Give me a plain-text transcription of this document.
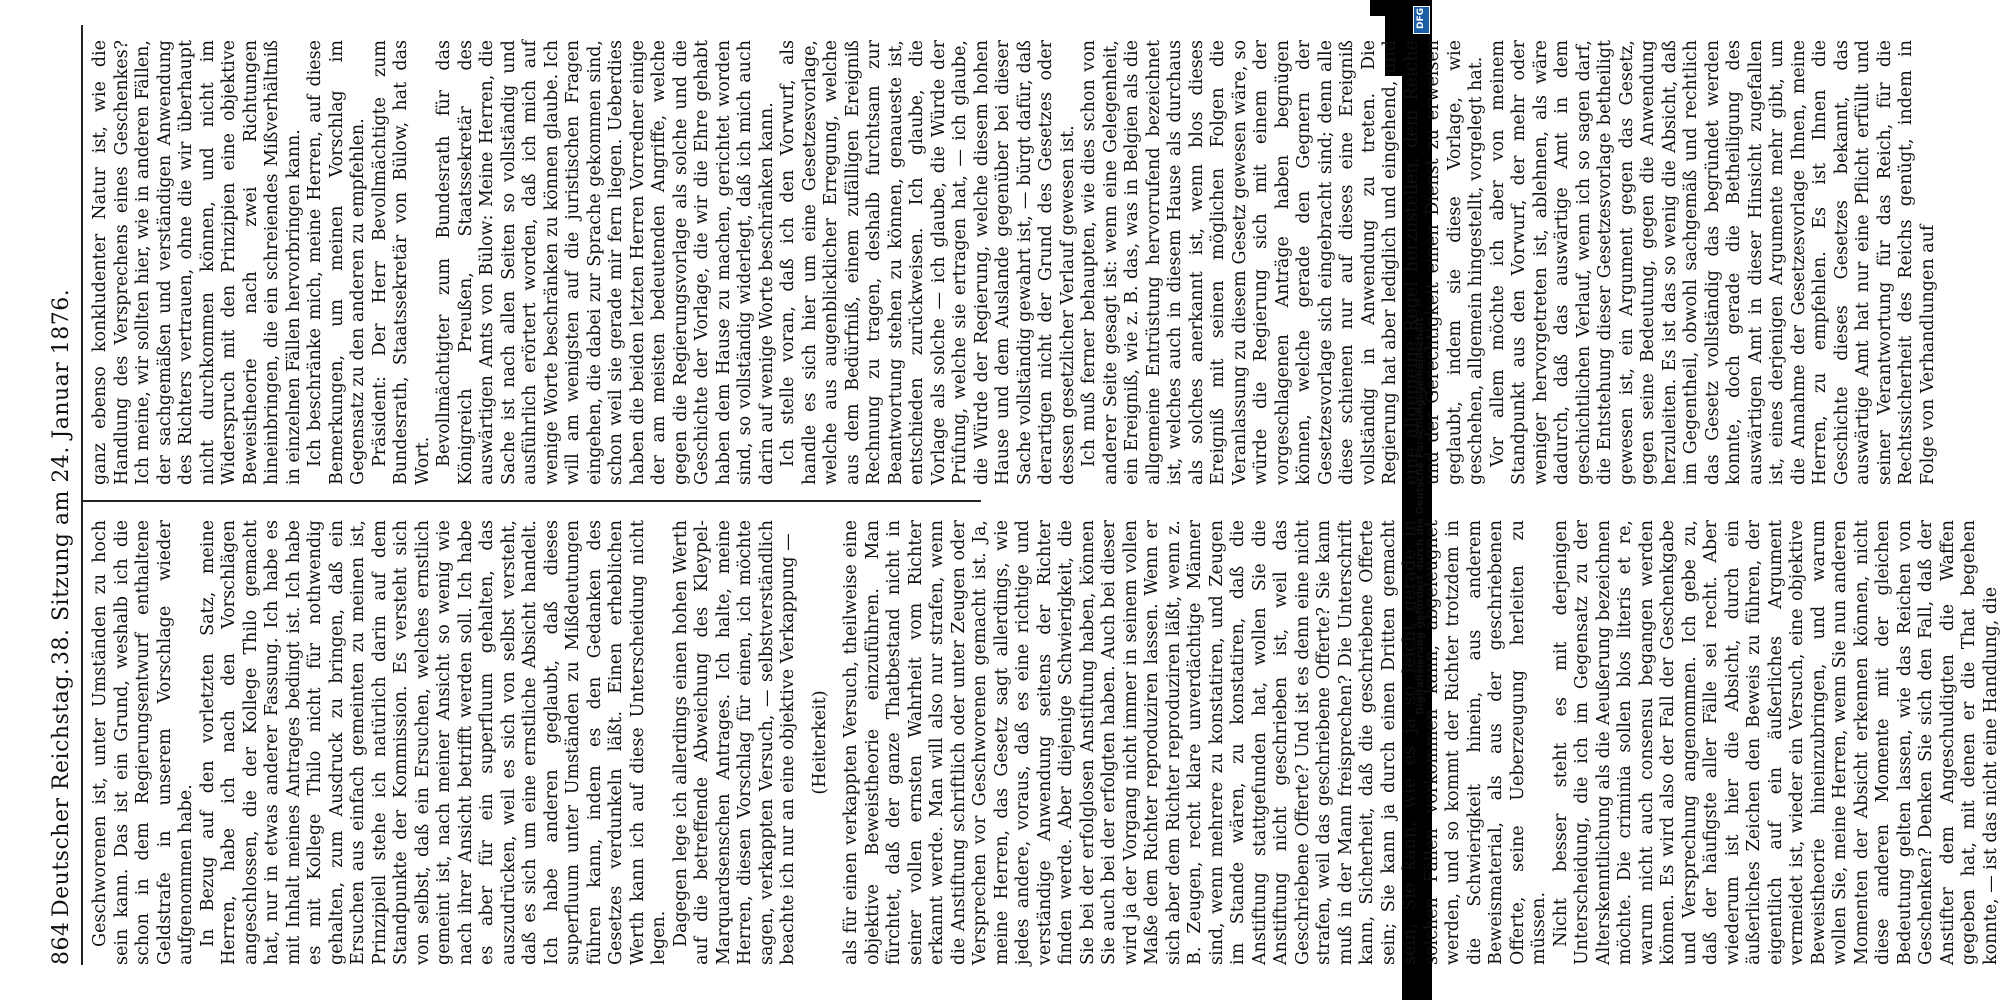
DFG
Digitalisierung gefördert durch die Deutsche Forschungsgemeinschaft
864
Deutscher Reichstag.
38. Sitzung am 24. Januar 1876.

Geschworenen ist, unter Umständen zu hoch sein kann. Das ist ein Grund, weshalb ich die schon in dem Regierungsentwurf enthaltene Geldstrafe in unserem Vorschlage wieder aufgenommen habe. In Bezug auf den vorletzten Satz, meine Herren, habe ich nach den Vorschlägen angeschlossen, die der Kollege Thilo gemacht hat, nur in etwas anderer Fassung. Ich habe es mit Inhalt meines Antrages bedingt ist. Ich habe es mit Kollege Thilo nicht für nothwendig gehalten, zum Ausdruck zu bringen, daß ein Ersuchen aus einfach gemeinten zu meinen ist, Prinzipiell stehe ich natürlich darin auf dem Standpunkte der Kommission. Es versteht sich von selbst, daß ein Ersuchen, welches ernstlich gemeint ist, nach meiner Ansicht so wenig wie nach ihrer Ansicht betrifft werden soll. Ich habe es aber für ein superfluum gehalten, das auszudrücken, weil es sich von selbst versteht, daß es sich um eine ernstliche Absicht handelt. Ich habe anderen geglaubt, daß dieses superfluum unter Umständen zu Mißdeutungen führen kann, indem es den Gedanken des Gesetzes verdunkeln läßt. Einen erheblichen Werth kann ich auf diese Unterscheidung nicht legen. Dagegen lege ich allerdings einen hohen Werth auf die betreffende Abweichung des Kleypel-Marquardsenschen Antrages. Ich halte, meine Herren, diesen Vorschlag für einen, ich möchte sagen, verkappten Versuch, — selbstverständlich beachte ich nur an eine objektive Verkappung — (Heiterkeit) als für einen verkappten Versuch, theilweise eine objektive Beweistheorie einzuführen. Man fürchtet, daß der ganze Thatbestand nicht in seiner vollen ernsten Wahrheit vom Richter erkannt werde. Man will also nur strafen, wenn die Anstiftung schriftlich oder unter Zeugen oder Versprechen vor Geschworenen gemacht ist. Ja, meine Herren, das Gesetz sagt allerdings, wie jedes andere, voraus, daß es eine richtige und verständige Anwendung seitens der Richter finden werde. Aber diejenige Schwierigkeit, die Sie bei der erfolglosen Anstiftung haben, können Sie auch bei der erfolgten haben. Auch bei dieser wird ja der Vorgang nicht immer in seinem vollen Maße dem Richter reproduziren lassen. Wenn er sich aber dem Richter reproduziren läßt, wenn z. B. Zeugen, recht klare unverdächtige Männer sind, wenn mehrere zu konstatiren, und Zeugen im Stande wären, zu konstatiren, daß die Anstiftung stattgefunden hat, wollen Sie die Anstiftung nicht geschrieben ist, weil das Geschriebene Offerte? Und ist es denn eine nicht strafen, weil das geschriebene Offerte? Sie kann muß in der Mann freisprechen? Die Unterschrift kann, Sicherheit, daß die geschriebene Offerte sein; Sie kann ja durch einen Dritten gemacht sein, Sie kann, wie es ja so leicht gerade in solchen Fällen vorkommen kann, abgeleugnet werden, und so kommt der Richter trotzdem in die Schwierigkeit hinein, aus anderem Beweismaterial, als aus der geschriebenen Offerte, seine Ueberzeugung herleiten zu müssen. Nicht besser steht es mit derjenigen Unterscheidung, die ich im Gegensatz zu der Alterskenntlichung als die Aeußerung bezeichnen möchte. Die criminia sollen blos literis et re, warum nicht auch consensu begangen werden können. Es wird also der Fall der Geschenkgabe und Versprechung angenommen. Ich gebe zu, daß der häufigste aller Fälle sei recht. Aber wiederum ist hier die Absicht, durch ein äußerliches Zeichen den Beweis zu führen, der eigentlich auf ein äußerliches Argument vermeidet ist, wieder ein Versuch, eine objektive Beweistheorie hineinzubringen, und warum wollen Sie, meine Herren, wenn Sie nun anderen Momenten der Absicht erkennen können, nicht diese anderen Momente mit der gleichen Bedeutung gelten lassen, wie das Reichen von Geschenken? Denken Sie sich den Fall, daß der Anstifter dem Angeschuldigten die Waffen gegeben hat, mit denen er die That begehen konnte, — ist das nicht eine Handlung, die

ganz ebenso konkludenter Natur ist, wie die Handlung des Versprechens eines Geschenkes? Ich meine, wir sollten hier, wie in anderen Fällen, der sachgemäßen und verständigen Anwendung des Richters vertrauen, ohne die wir überhaupt nicht durchkommen können, und nicht im Widerspruch mit den Prinzipien eine objektive Beweistheorie nach zwei Richtungen hineinbringen, die ein schreiendes Mißverhältniß in einzelnen Fällen hervorbringen kann. Ich beschränke mich, meine Herren, auf diese Bemerkungen, um meinen Vorschlag im Gegensatz zu den anderen zu empfehlen. Präsident: Der Herr Bevollmächtigte zum Bundesrath, Staatssekretär von Bülow, hat das Wort. Bevollmächtigter zum Bundesrath für das Königreich Preußen, Staatssekretär des auswärtigen Amts von Bülow: Meine Herren, die Sache ist nach allen Seiten so vollständig und ausführlich erörtert worden, daß ich mich auf wenige Worte beschränken zu können glaube. Ich will am wenigsten auf die juristischen Fragen eingehen, die dabei zur Sprache gekommen sind, schon weil sie gerade mir fern liegen. Ueberdies haben die beiden letzten Herren Vorredner einige der am meisten bedeutenden Angriffe, welche gegen die Regierungsvorlage als solche und die Geschichte der Vorlage, die wir die Ehre gehabt haben dem Hause zu machen, gerichtet worden sind, so vollständig widerlegt, daß ich mich auch darin auf wenige Worte beschränken kann. Ich stelle voran, daß ich den Vorwurf, als handle es sich hier um eine Gesetzesvorlage, welche aus augenblicklicher Erregung, welche aus dem Bedürfniß, einem zufälligen Ereigniß Rechnung zu tragen, deshalb furchtsam zur Beantwortung stehen zu können, genaueste ist, entschieden zurückweisen. Ich glaube, die Vorlage als solche — ich glaube, die Würde der Prüfung, welche sie ertragen hat, — ich glaube, die Würde der Regierung, welche diesem hohen Hause und dem Auslande gegenüber bei dieser Sache vollständig gewahrt ist, — bürgt dafür, daß derartigen nicht der Grund des Gesetzes oder dessen gesetzlicher Verlauf gewesen ist. Ich muß ferner behaupten, wie dies schon von anderer Seite gesagt ist: wenn eine Gelegenheit, ein Ereigniß, wie z. B. das, was in Belgien als die allgemeine Entrüstung hervorrufend bezeichnet ist, welches auch in diesem Hause als durchaus als solches anerkannt ist, wenn blos dieses Ereigniß mit seinen möglichen Folgen die Veranlassung zu diesem Gesetz gewesen wäre, so würde die Regierung sich mit einem der vorgeschlagenen Anträge haben begnügen können, welche gerade den Gegnern der Gesetzesvorlage sich eingebracht sind; denn alle diese schienen nur auf dieses eine Ereigniß vollständig in Anwendung zu treten. Die Regierung hat aber lediglich und eingehend, und eine allgemeine Regel herzustellen, dem Reiche und der Gerechtigkeit einen Dienst zu erweisen geglaubt, indem sie diese Vorlage, wie geschehen, allgemein hingestellt, vorgelegt hat. Vor allem möchte ich aber von meinem Standpunkt aus den Vorwurf, der mehr oder weniger hervorgetreten ist, ablehnen, als wäre dadurch, daß das auswärtige Amt in dem geschichtlichen Verlauf, wenn ich so sagen darf, die Entstehung dieser Gesetzesvorlage betheiligt gewesen ist, ein Argument gegen das Gesetz, gegen seine Bedeutung, gegen die Anwendung herzuleiten. Es ist das so wenig die Absicht, daß im Gegentheil, obwohl sachgemäß und rechtlich das Gesetz vollständig das begründet werden konnte, doch gerade die Betheiligung des auswärtigen Amt in dieser Hinsicht zugefallen ist, eines derjenigen Argumente mehr gibt, um die Annahme der Gesetzesvorlage Ihnen, meine Herren, zu empfehlen. Es ist Ihnen die Geschichte dieses Gesetzes bekannt, das auswärtige Amt hat nur eine Pflicht erfüllt und seiner Verantwortung für das Reich, für die Rechtssicherheit des Reichs genügt, indem in Folge von Verhandlungen auf
